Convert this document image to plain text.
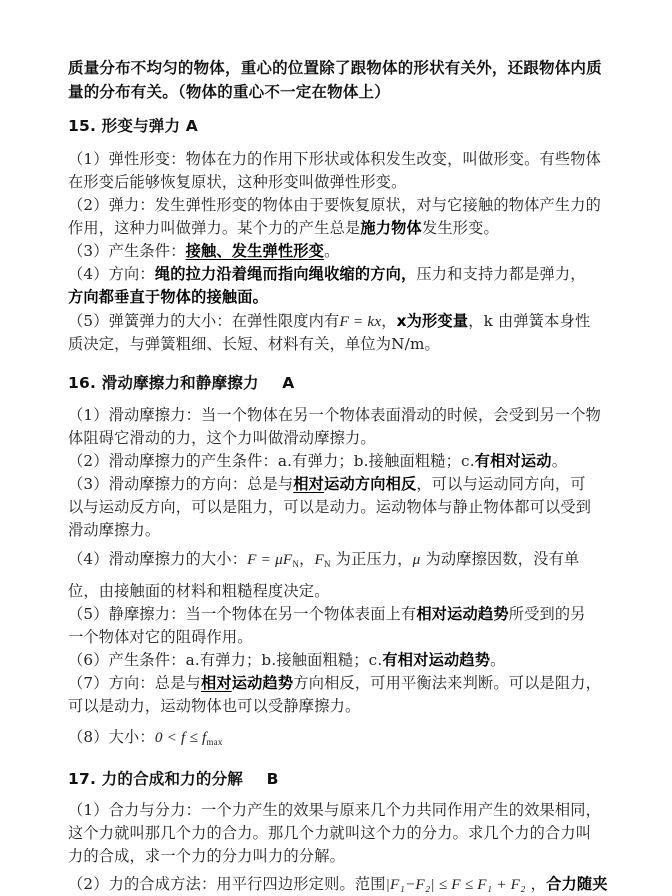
质量分布不均匀的物体，重心的位置除了跟物体的形状有关外，还跟物体内质
量的分布有关。（物体的重心不一定在物体上）
15. 形变与弹力 A
（1）弹性形变：物体在力的作用下形状或体积发生改变，叫做形变。有些物体
在形变后能够恢复原状，这种形变叫做弹性形变。
（2）弹力：发生弹性形变的物体由于要恢复原状，对与它接触的物体产生力的
作用，这种力叫做弹力。某个力的产生总是施力物体发生形变。
（3）产生条件：接触、发生弹性形变。
（4）方向：绳的拉力沿着绳而指向绳收缩的方向，压力和支持力都是弹力，
方向都垂直于物体的接触面。
（5）弹簧弹力的大小：在弹性限度内有F = kx，x为形变量，k 由弹簧本身性
质决定，与弹簧粗细、长短、材料有关，单位为N/m。
16. 滑动摩擦力和静摩擦力 A
（1）滑动摩擦力：当一个物体在另一个物体表面滑动的时候，会受到另一个物
体阻碍它滑动的力，这个力叫做滑动摩擦力。
（2）滑动摩擦力的产生条件：a.有弹力；b.接触面粗糙；c.有相对运动。
（3）滑动摩擦力的方向：总是与相对运动方向相反，可以与运动同方向，可
以与运动反方向，可以是阻力，可以是动力。运动物体与静止物体都可以受到
滑动摩擦力。
（4）滑动摩擦力的大小：$F = \mu F_N$，$F_N$ 为正压力，μ 为动摩擦因数，没有单
位，由接触面的材料和粗糙程度决定。
（5）静摩擦力：当一个物体在另一个物体表面上有相对运动趋势所受到的另
一个物体对它的阻碍作用。
（6）产生条件：a.有弹力；b.接触面粗糙；c.有相对运动趋势。
（7）方向：总是与相对运动趋势方向相反，可用平衡法来判断。可以是阻力，
可以是动力，运动物体也可以受静摩擦力。
（8）大小：$0 < f \le f_{max}$
17. 力的合成和力的分解 B
（1）合力与分力：一个力产生的效果与原来几个力共同作用产生的效果相同，
这个力就叫那几个力的合力。那几个力就叫这个力的分力。求几个力的合力叫
力的合成，求一个力的分力叫力的分解。
（2）力的合成方法：用平行四边形定则。范围|F₁−F₂| ≤ F ≤ F₁ + F₂ ，合力随夹
